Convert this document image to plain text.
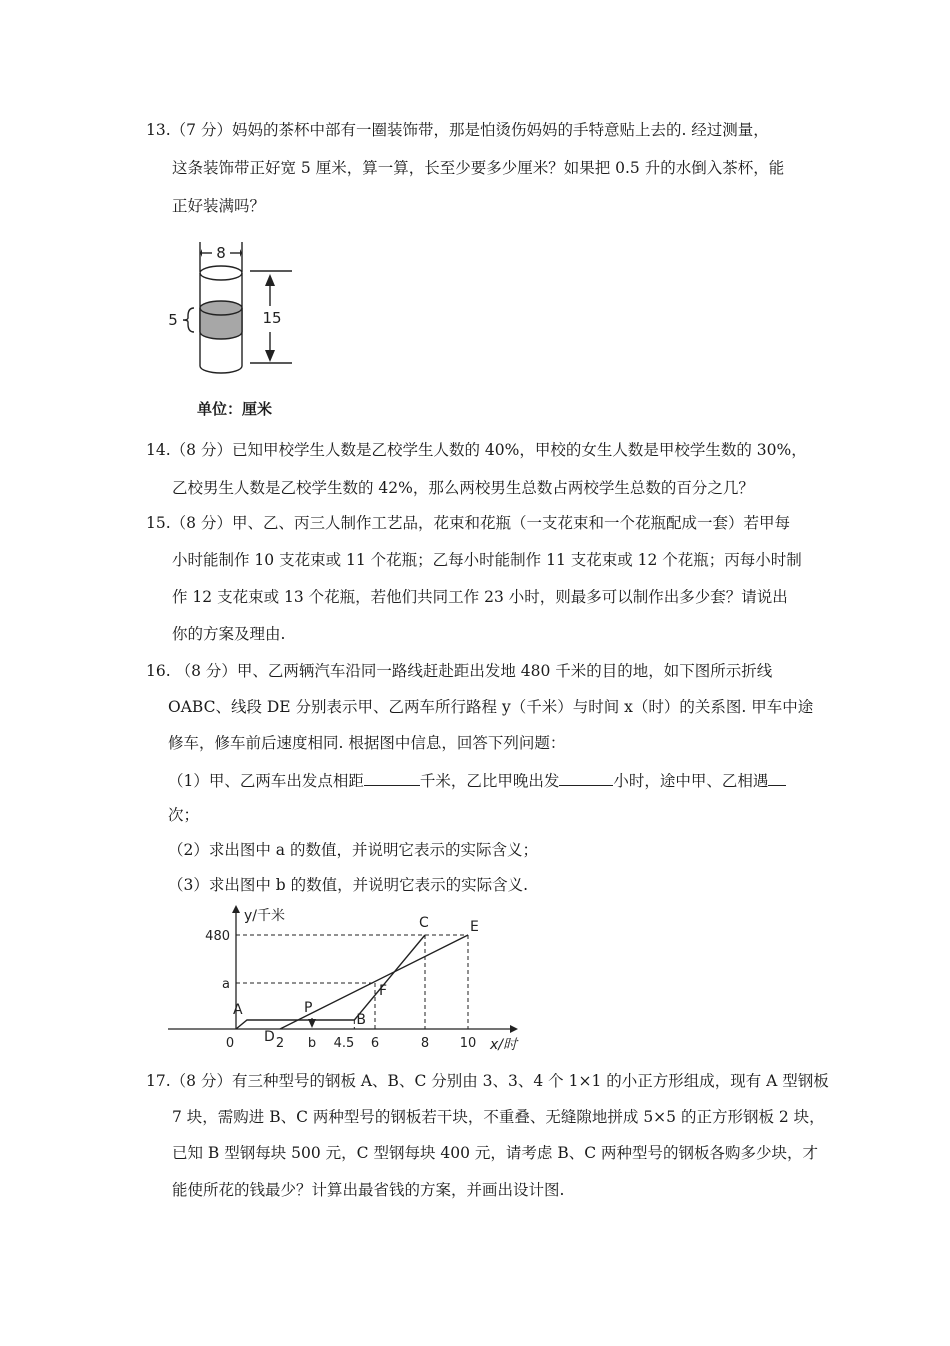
13.（7 分）妈妈的茶杯中部有一圈装饰带，那是怕烫伤妈妈的手特意贴上去的. 经过测量，
这条装饰带正好宽 5 厘米，算一算，长至少要多少厘米？如果把 0.5 升的水倒入茶杯，能
正好装满吗？
8
5	15
单位：厘米
14.（8 分）已知甲校学生人数是乙校学生人数的 40%，甲校的女生人数是甲校学生数的 30%，
乙校男生人数是乙校学生数的 42%，那么两校男生总数占两校学生总数的百分之几？
15.（8 分）甲、乙、丙三人制作工艺品，花束和花瓶（一支花束和一个花瓶配成一套）若甲每
小时能制作 10 支花束或 11 个花瓶；乙每小时能制作 11 支花束或 12 个花瓶；丙每小时制
作 12 支花束或 13 个花瓶，若他们共同工作 23 小时，则最多可以制作出多少套？请说出
你的方案及理由.
16. （8 分）甲、乙两辆汽车沿同一路线赶赴距出发地 480 千米的目的地，如下图所示折线
OABC、线段 DE 分别表示甲、乙两车所行路程 y（千米）与时间 x（时）的关系图. 甲车中途
修车，修车前后速度相同. 根据图中信息，回答下列问题：
（1）甲、乙两车出发点相距	千米，乙比甲晚出发	小时，途中甲、乙相遇
次；
（2）求出图中 a 的数值，并说明它表示的实际含义；
（3）求出图中 b 的数值，并说明它表示的实际含义.
y/千米
x/时
A	P
B
C
D
E
F
0	2 b 4.5 6	8 10
480
a
17.（8 分）有三种型号的钢板 A、B、C 分别由 3、3、4 个 1×1 的小正方形组成，现有 A 型钢板
7 块，需购进 B、C 两种型号的钢板若干块，不重叠、无缝隙地拼成 5×5 的正方形钢板 2 块，
已知 B 型钢每块 500 元，C 型钢每块 400 元，请考虑 B、C 两种型号的钢板各购多少块，才
能使所花的钱最少？计算出最省钱的方案，并画出设计图.
